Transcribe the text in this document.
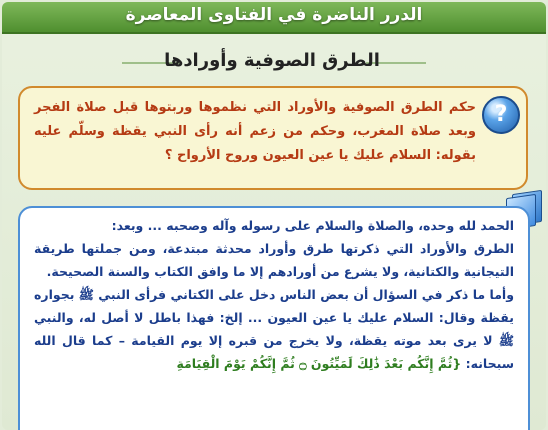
الدرر الناضرة في الفتاوى المعاصرة
الطرق الصوفية وأورادها
حكم الطرق الصوفية والأوراد التي نظموها وربتوها قبل صلاة الفجر وبعد صلاة المغرب، وحكم من زعم أنه رأى النبي يقظة وسلّم عليه بقوله: السلام عليك يا عين العيون وروح الأرواح ؟
?

الحمد لله وحده، والصلاة والسلام على رسوله وآله وصحبه ... وبعد:

الطرق والأوراد التي ذكرتها طرق وأوراد محدثة مبتدعة، ومن جملتها طريقة التيجانية والكتانية، ولا يشرع من أورادهم إلا ما وافق الكتاب والسنة الصحيحة.

وأما ما ذكر في السؤال أن بعض الناس دخل على الكتاني فرأى النبي ﷺ بجواره يقظة وقال: السلام عليك يا عين العيون ... إلخ: فهذا باطل لا أصل له، والنبي ﷺ لا يرى بعد موته يقظة، ولا يخرج من قبره إلا يوم القيامة – كما قال الله سبحانه: {ثُمَّ إِنَّكُم بَعْدَ ذَٰلِكَ لَمَيِّتُونَ ۝ ثُمَّ إِنَّكُمْ يَوْمَ الْقِيَامَةِ
